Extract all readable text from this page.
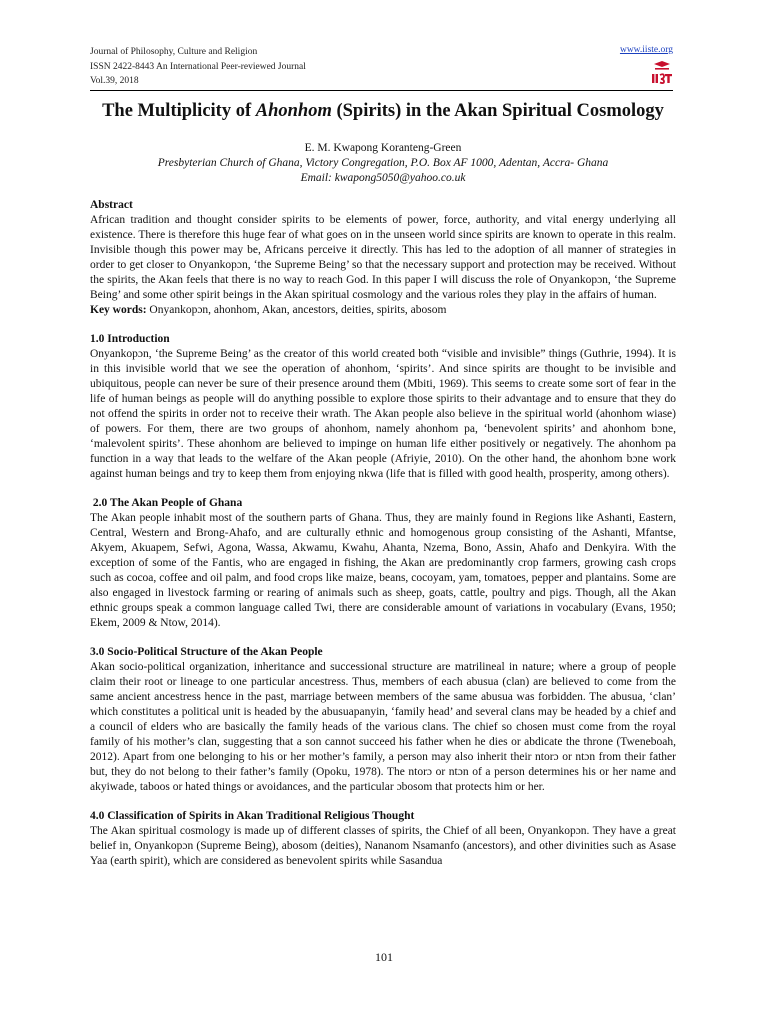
Journal of Philosophy, Culture and Religion
ISSN 2422-8443 An International Peer-reviewed Journal
Vol.39, 2018
www.iiste.org
The Multiplicity of Ahonhom (Spirits) in the Akan Spiritual Cosmology
E. M. Kwapong Koranteng-Green
Presbyterian Church of Ghana, Victory Congregation, P.O. Box AF 1000, Adentan, Accra- Ghana
Email: kwapong5050@yahoo.co.uk
Abstract

African tradition and thought consider spirits to be elements of power, force, authority, and vital energy underlying all existence. There is therefore this huge fear of what goes on in the unseen world since spirits are known to operate in this realm. Invisible though this power may be, Africans perceive it directly. This has led to the adoption of all manner of strategies in order to get closer to Onyankopɔn, ‘the Supreme Being’ so that the necessary support and protection may be received. Without the spirits, the Akan feels that there is no way to reach God. In this paper I will discuss the role of Onyankopɔn, ‘the Supreme Being’ and some other spirit beings in the Akan spiritual cosmology and the various roles they play in the affairs of human.

Key words: Onyankopɔn, ahonhom, Akan, ancestors, deities, spirits, abosom

1.0 Introduction

Onyankopɔn, ‘the Supreme Being’ as the creator of this world created both “visible and invisible” things (Guthrie, 1994). It is in this invisible world that we see the operation of ahonhom, ‘spirits’. And since spirits are thought to be invisible and ubiquitous, people can never be sure of their presence around them (Mbiti, 1969). This seems to create some sort of fear in the life of human beings as people will do anything possible to explore those spirits to their advantage and to ensure that they do not offend the spirits in order not to receive their wrath. The Akan people also believe in the spiritual world (ahonhom wiase) of powers. For them, there are two groups of ahonhom, namely ahonhom pa, ‘benevolent spirits’ and ahonhom bɔne, ‘malevolent spirits’. These ahonhom are believed to impinge on human life either positively or negatively. The ahonhom pa function in a way that leads to the welfare of the Akan people (Afriyie, 2010). On the other hand, the ahonhom bɔne work against human beings and try to keep them from enjoying nkwa (life that is filled with good health, prosperity, among others).

2.0 The Akan People of Ghana

The Akan people inhabit most of the southern parts of Ghana. Thus, they are mainly found in Regions like Ashanti, Eastern, Central, Western and Brong-Ahafo, and are culturally ethnic and homogenous group consisting of the Ashanti, Mfantse, Akyem, Akuapem, Sefwi, Agona, Wassa, Akwamu, Kwahu, Ahanta, Nzema, Bono, Assin, Ahafo and Denkyira. With the exception of some of the Fantis, who are engaged in fishing, the Akan are predominantly crop farmers, growing cash crops such as cocoa, coffee and oil palm, and food crops like maize, beans, cocoyam, yam, tomatoes, pepper and plantains. Some are also engaged in livestock farming or rearing of animals such as sheep, goats, cattle, poultry and pigs. Though, all the Akan ethnic groups speak a common language called Twi, there are considerable amount of variations in vocabulary (Evans, 1950; Ekem, 2009 & Ntow, 2014).

3.0 Socio-Political Structure of the Akan People

Akan socio-political organization, inheritance and successional structure are matrilineal in nature; where a group of people claim their root or lineage to one particular ancestress. Thus, members of each abusua (clan) are believed to come from the same ancient ancestress hence in the past, marriage between members of the same abusua was forbidden. The abusua, ‘clan’ which constitutes a political unit is headed by the abusuapanyin, ‘family head’ and several clans may be headed by a chief and a council of elders who are basically the family heads of the various clans. The chief so chosen must come from the royal family of his mother’s clan, suggesting that a son cannot succeed his father when he dies or abdicate the throne (Tweneboah, 2012). Apart from one belonging to his or her mother’s family, a person may also inherit their ntorɔ or ntɔn from their father but, they do not belong to their father’s family (Opoku, 1978). The ntorɔ or ntɔn of a person determines his or her name and akyiwade, taboos or hated things or avoidances, and the particular ɔbosom that protects him or her.

4.0 Classification of Spirits in Akan Traditional Religious Thought

The Akan spiritual cosmology is made up of different classes of spirits, the Chief of all been, Onyankopɔn. They have a great belief in, Onyankopɔn (Supreme Being), abosom (deities), Nananom Nsamanfo (ancestors), and other divinities such as Asase Yaa (earth spirit), which are considered as benevolent spirits while Sasandua

101
